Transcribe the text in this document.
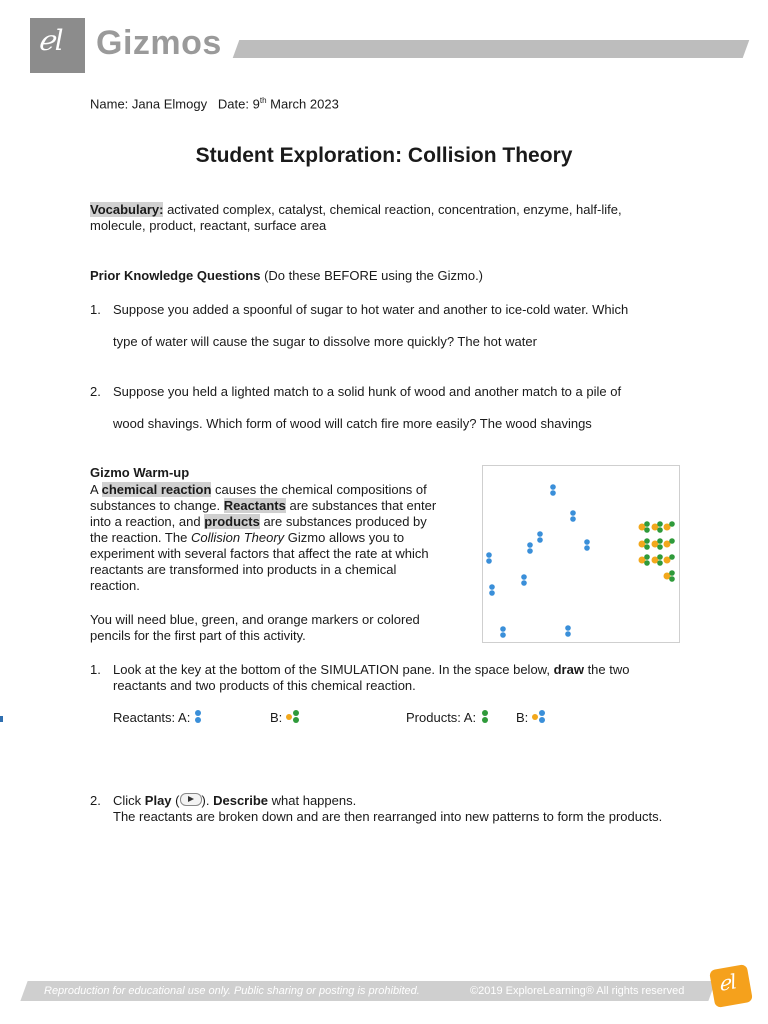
ℯl Gizmos
Name: Jana Elmogy Date: 9th March 2023
Student Exploration: Collision Theory
Vocabulary: activated complex, catalyst, chemical reaction, concentration, enzyme, half-life, molecule, product, reactant, surface area
Prior Knowledge Questions (Do these BEFORE using the Gizmo.)
1. Suppose you added a spoonful of sugar to hot water and another to ice-cold water. Which
type of water will cause the sugar to dissolve more quickly? The hot water
2. Suppose you held a lighted match to a solid hunk of wood and another match to a pile of
wood shavings. Which form of wood will catch fire more easily? The wood shavings
Gizmo Warm-up
A chemical reaction causes the chemical compositions of substances to change. Reactants are substances that enter into a reaction, and products are substances produced by the reaction. The Collision Theory Gizmo allows you to experiment with several factors that affect the rate at which reactants are transformed into products in a chemical reaction.
You will need blue, green, and orange markers or colored pencils for the first part of this activity.
1. Look at the key at the bottom of the SIMULATION pane. In the space below, draw the two reactants and two products of this chemical reaction.
Reactants: A:	B:	Products: A:	B:
2. Click Play ( ). Describe what happens.
The reactants are broken down and are then rearranged into new patterns to form the products.
Reproduction for educational use only. Public sharing or posting is prohibited.	©2019 ExploreLearning® All rights reserved ℯl
